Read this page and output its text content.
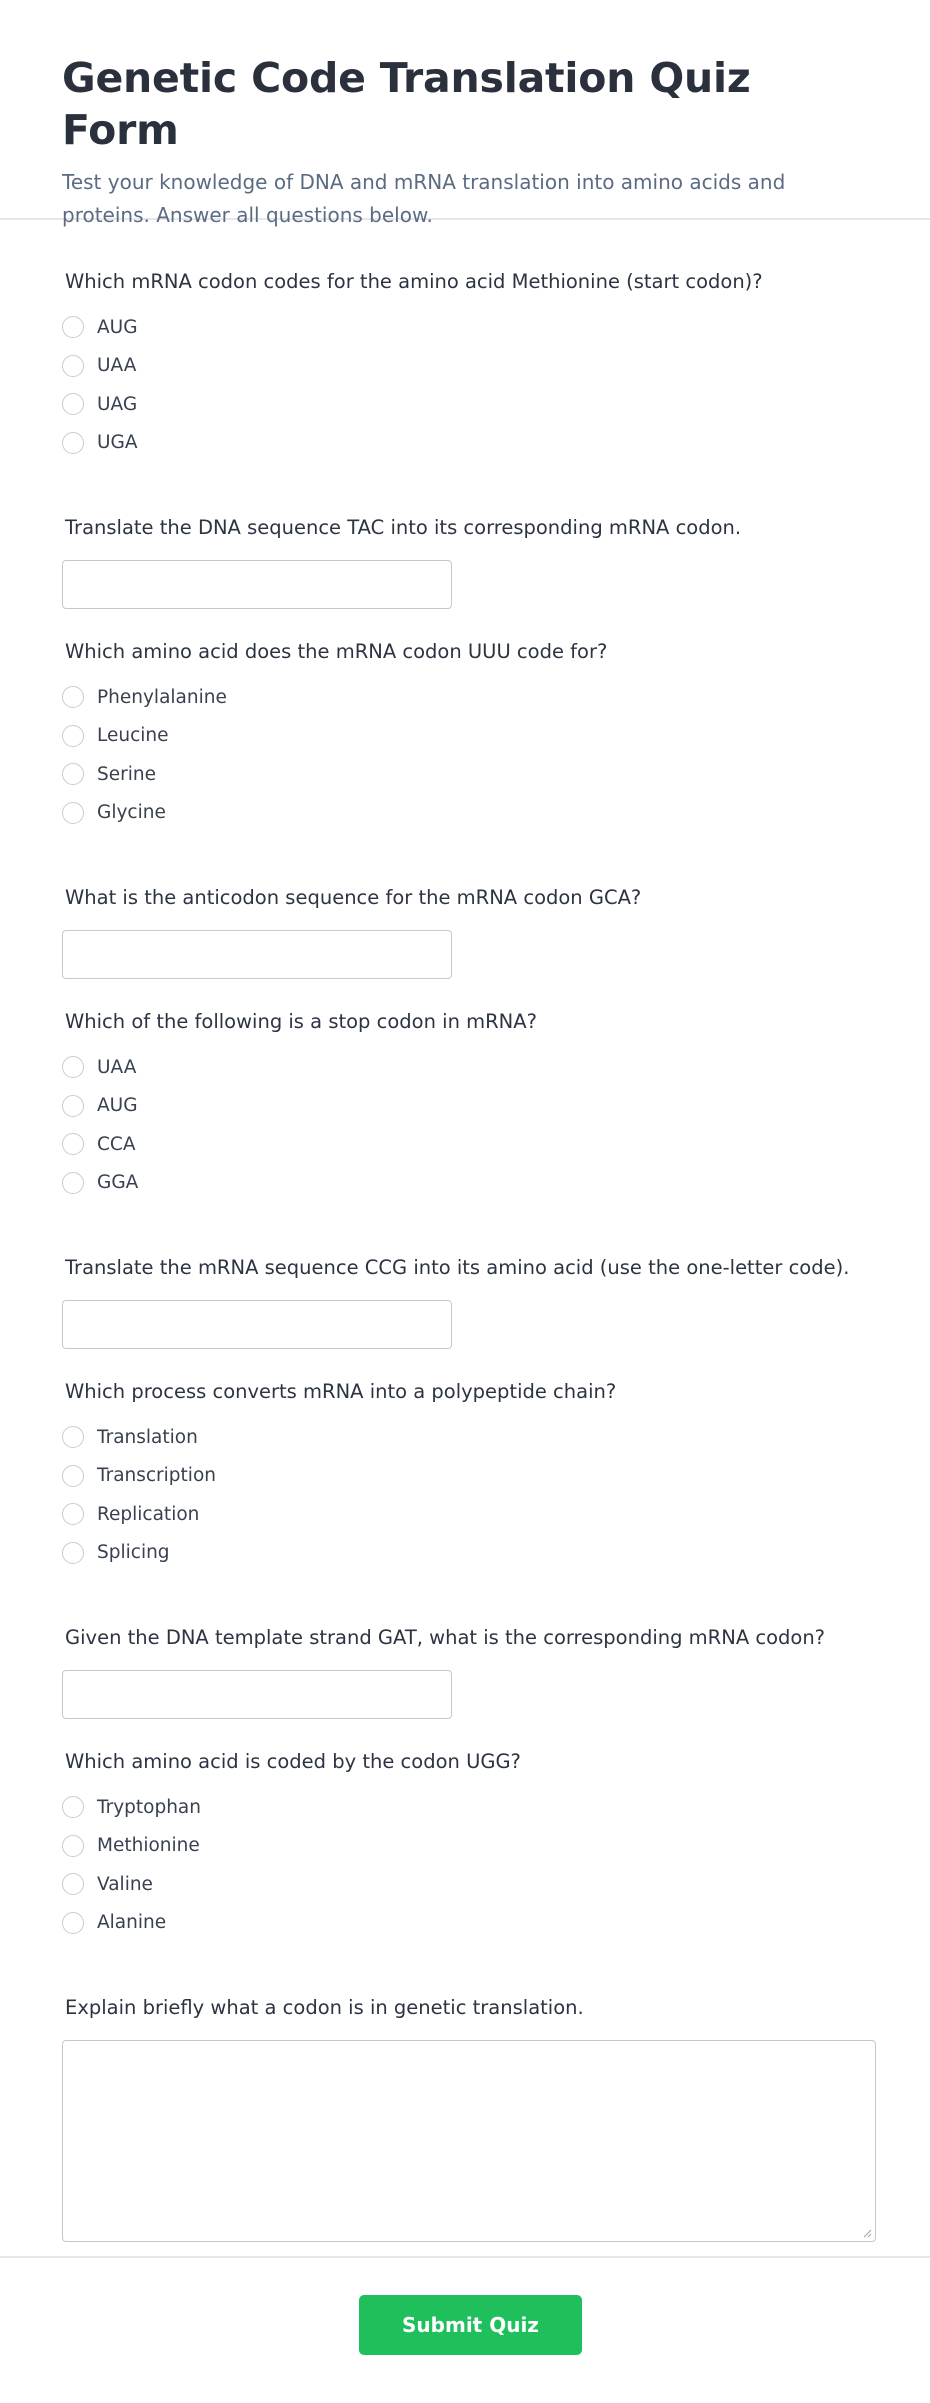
Genetic Code Translation Quiz Form

Test your knowledge of DNA and mRNA translation into amino acids and proteins. Answer all questions below.

Which mRNA codon codes for the amino acid Methionine (start codon)?
AUG
UAA
UAG
UGA
Translate the DNA sequence TAC into its corresponding mRNA codon.
Which amino acid does the mRNA codon UUU code for?
Phenylalanine
Leucine
Serine
Glycine
What is the anticodon sequence for the mRNA codon GCA?
Which of the following is a stop codon in mRNA?
UAA
AUG
CCA
GGA
Translate the mRNA sequence CCG into its amino acid (use the one-letter code).
Which process converts mRNA into a polypeptide chain?
Translation
Transcription
Replication
Splicing
Given the DNA template strand GAT, what is the corresponding mRNA codon?
Which amino acid is coded by the codon UGG?
Tryptophan
Methionine
Valine
Alanine
Explain briefly what a codon is in genetic translation.
Submit Quiz
